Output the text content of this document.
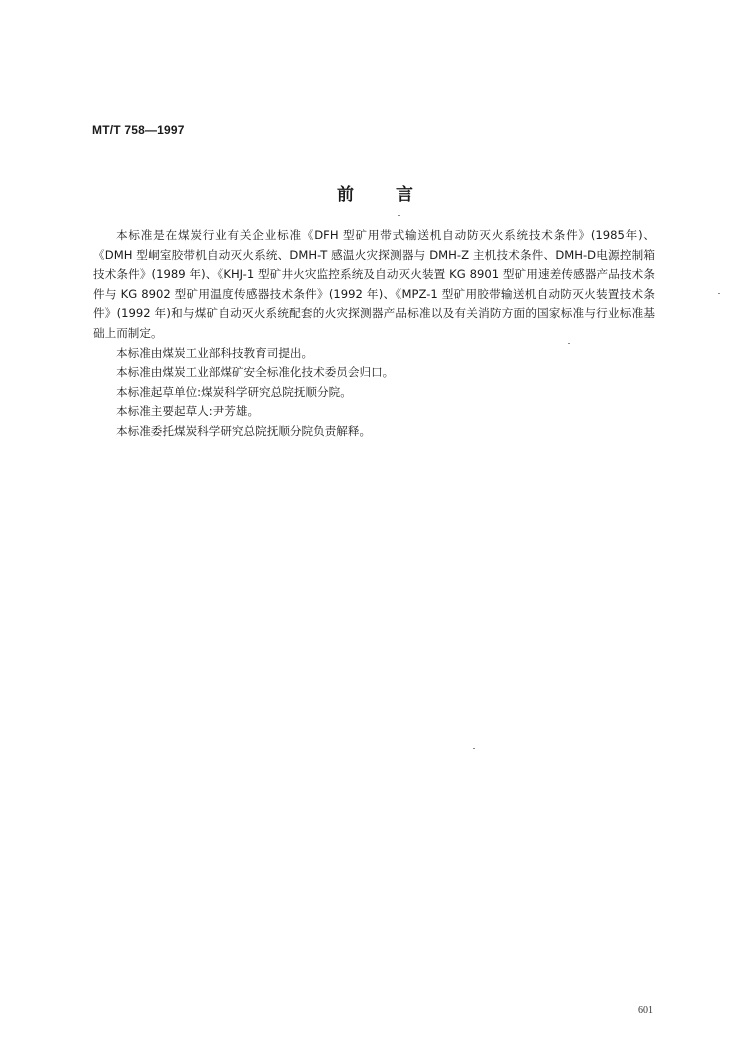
MT/T 758—1997
前言

本标准是在煤炭行业有关企业标准《DFH 型矿用带式输送机自动防灭火系统技术条件》(1985年)、《DMH 型峒室胶带机自动灭火系统、DMH-T 感温火灾探测器与 DMH-Z 主机技术条件、DMH-D电源控制箱技术条件》(1989 年)、《KHJ-1 型矿井火灾监控系统及自动灭火装置 KG 8901 型矿用速差传感器产品技术条件与 KG 8902 型矿用温度传感器技术条件》(1992 年)、《MPZ-1 型矿用胶带输送机自动防灭火装置技术条件》(1992 年)和与煤矿自动灭火系统配套的火灾探测器产品标准以及有关消防方面的国家标准与行业标准基础上而制定。

本标准由煤炭工业部科技教育司提出。

本标准由煤炭工业部煤矿安全标准化技术委员会归口。

本标准起草单位:煤炭科学研究总院抚顺分院。

本标准主要起草人:尹芳雄。

本标准委托煤炭科学研究总院抚顺分院负责解释。

601
